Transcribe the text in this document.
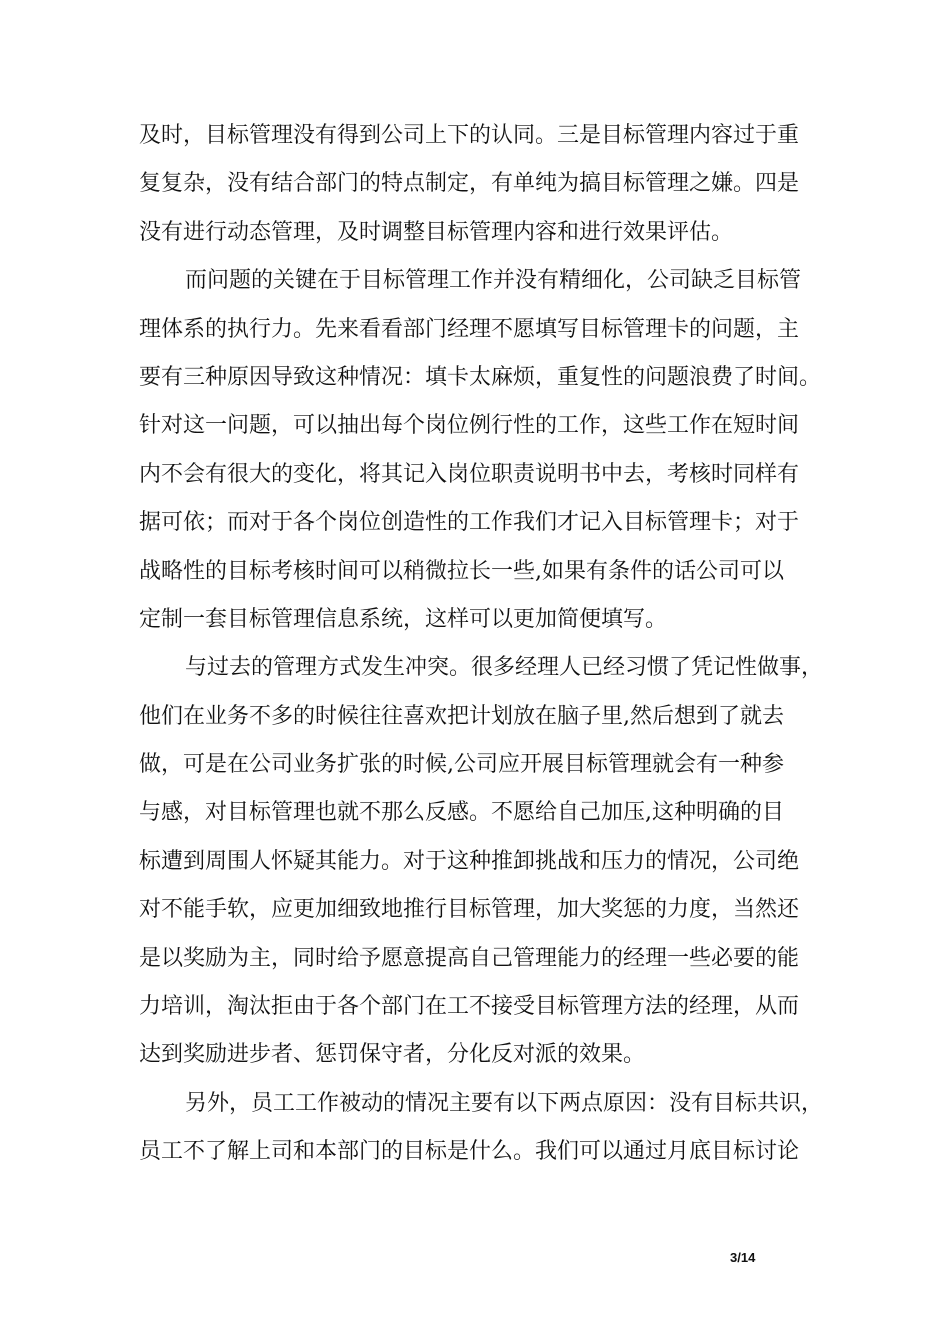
及时，目标管理没有得到公司上下的认同。三是目标管理内容过于重
复复杂，没有结合部门的特点制定，有单纯为搞目标管理之嫌。四是
没有进行动态管理，及时调整目标管理内容和进行效果评估。
而问题的关键在于目标管理工作并没有精细化，公司缺乏目标管
理体系的执行力。先来看看部门经理不愿填写目标管理卡的问题，主
要有三种原因导致这种情况：填卡太麻烦，重复性的问题浪费了时间。
针对这一问题，可以抽出每个岗位例行性的工作，这些工作在短时间
内不会有很大的变化，将其记入岗位职责说明书中去，考核时同样有
据可依；而对于各个岗位创造性的工作我们才记入目标管理卡；对于
战略性的目标考核时间可以稍微拉长一些,如果有条件的话公司可以
定制一套目标管理信息系统，这样可以更加简便填写。
与过去的管理方式发生冲突。很多经理人已经习惯了凭记性做事，
他们在业务不多的时候往往喜欢把计划放在脑子里,然后想到了就去
做，可是在公司业务扩张的时候,公司应开展目标管理就会有一种参
与感，对目标管理也就不那么反感。不愿给自己加压,这种明确的目
标遭到周围人怀疑其能力。对于这种推卸挑战和压力的情况，公司绝
对不能手软，应更加细致地推行目标管理，加大奖惩的力度，当然还
是以奖励为主，同时给予愿意提高自己管理能力的经理一些必要的能
力培训，淘汰拒由于各个部门在工不接受目标管理方法的经理，从而
达到奖励进步者、惩罚保守者，分化反对派的效果。
另外，员工工作被动的情况主要有以下两点原因：没有目标共识，
员工不了解上司和本部门的目标是什么。我们可以通过月底目标讨论
3/14
